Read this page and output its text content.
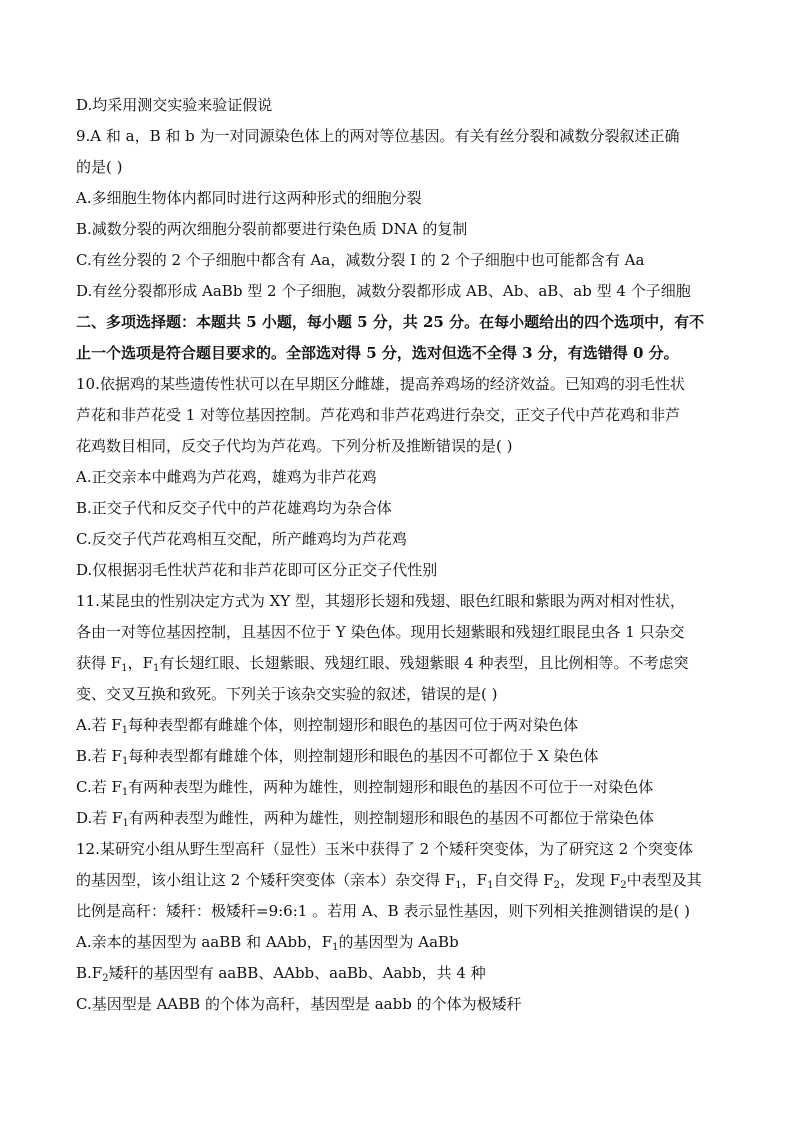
D.均采用测交实验来验证假说
9.A 和 a，B 和 b 为一对同源染色体上的两对等位基因。有关有丝分裂和减数分裂叙述正确
的是( )
A.多细胞生物体内都同时进行这两种形式的细胞分裂
B.减数分裂的两次细胞分裂前都要进行染色质 DNA 的复制
C.有丝分裂的 2 个子细胞中都含有 Aa，减数分裂 I 的 2 个子细胞中也可能都含有 Aa
D.有丝分裂都形成 AaBb 型 2 个子细胞，减数分裂都形成 AB、Ab、aB、ab 型 4 个子细胞
二、多项选择题：本题共 5 小题，每小题 5 分，共 25 分。在每小题给出的四个选项中，有不
止一个选项是符合题目要求的。全部选对得 5 分，选对但选不全得 3 分，有选错得 0 分。
10.依据鸡的某些遗传性状可以在早期区分雌雄，提高养鸡场的经济效益。已知鸡的羽毛性状
芦花和非芦花受 1 对等位基因控制。芦花鸡和非芦花鸡进行杂交，正交子代中芦花鸡和非芦
花鸡数目相同，反交子代均为芦花鸡。下列分析及推断错误的是( )
A.正交亲本中雌鸡为芦花鸡，雄鸡为非芦花鸡
B.正交子代和反交子代中的芦花雄鸡均为杂合体
C.反交子代芦花鸡相互交配，所产雌鸡均为芦花鸡
D.仅根据羽毛性状芦花和非芦花即可区分正交子代性别
11.某昆虫的性别决定方式为 XY 型，其翅形长翅和残翅、眼色红眼和紫眼为两对相对性状，
各由一对等位基因控制，且基因不位于 Y 染色体。现用长翅紫眼和残翅红眼昆虫各 1 只杂交
获得 $F_1$，$F_1$有长翅红眼、长翅紫眼、残翅红眼、残翅紫眼 4 种表型，且比例相等。不考虑突
变、交叉互换和致死。下列关于该杂交实验的叙述，错误的是( )
A.若 $F_1$每种表型都有雌雄个体，则控制翅形和眼色的基因可位于两对染色体
B.若 $F_1$每种表型都有雌雄个体，则控制翅形和眼色的基因不可都位于 X 染色体
C.若 $F_1$有两种表型为雌性，两种为雄性，则控制翅形和眼色的基因不可位于一对染色体
D.若 $F_1$有两种表型为雌性，两种为雄性，则控制翅形和眼色的基因不可都位于常染色体
12.某研究小组从野生型高秆（显性）玉米中获得了 2 个矮秆突变体，为了研究这 2 个突变体
的基因型，该小组让这 2 个矮秆突变体（亲本）杂交得 $F_1$，$F_1$自交得 $F_2$，发现 $F_2$中表型及其
比例是高秆：矮秆：极矮秆=9:6:1 。若用 A、B 表示显性基因，则下列相关推测错误的是( )
A.亲本的基因型为 aaBB 和 AAbb，$F_1$的基因型为 AaBb
$B.F_2$矮秆的基因型有 aaBB、AAbb、aaBb、Aabb，共 4 种
C.基因型是 AABB 的个体为高秆，基因型是 aabb 的个体为极矮秆
